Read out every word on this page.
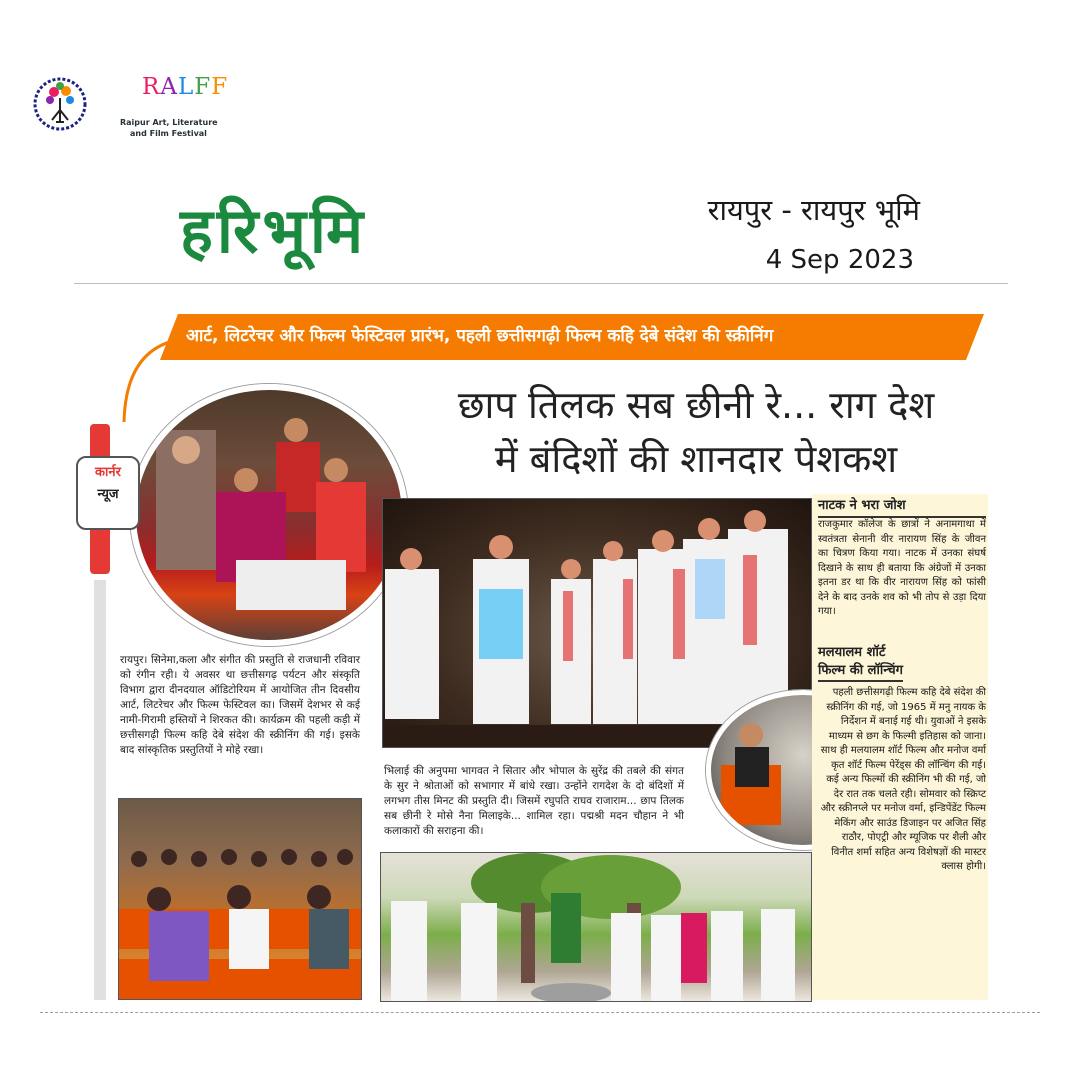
RALFF
Raipur Art, Literature
and Film Festival
हरिभूमि	रायपुर - रायपुर भूमि
4 Sep 2023
आर्ट, लिटरेचर और फिल्म फेस्टिवल प्रारंभ, पहली छत्तीसगढ़ी फिल्म कहि देबे संदेश की स्क्रीनिंग
छाप तिलक सब छीनी रे... राग देश
में बंदिशों की शानदार पेशकश
कार्नर
न्यूज
रायपुर। सिनेमा,कला और संगीत की प्रस्तुति से राजधानी रविवार को रंगीन रही। ये अवसर था छत्तीसगढ़ पर्यटन और संस्कृति विभाग द्वारा दीनदयाल ऑडिटोरियम में आयोजित तीन दिवसीय आर्ट, लिटरेचर और फिल्म फेस्टिवल का। जिसमें देशभर से कई नामी-गिरामी हस्तियों ने शिरकत की। कार्यक्रम की पहली कड़ी में छत्तीसगढ़ी फिल्म कहि देबे संदेश की स्क्रीनिंग की गई। इसके बाद सांस्कृतिक प्रस्तुतियों ने मोहे रखा।
भिलाई की अनुपमा भागवत ने सितार और भोपाल के सुरेंद्र की तबले की संगत के सुर ने श्रोताओं को सभागार में बांधे रखा। उन्होंने रागदेश के दो बंदिशों में लगभग तीस मिनट की प्रस्तुति दी। जिसमें रघुपति राघव राजाराम... छाप तिलक सब छीनी रे मोसे नैना मिलाइके... शामिल रहा। पद्मश्री मदन चौहान ने भी कलाकारों की सराहना की।
नाटक ने भरा जोश
राजकुमार कॉलेज के छात्रों ने अनामगाथा में स्वतंत्रता सेनानी वीर नारायण सिंह के जीवन का चित्रण किया गया। नाटक में उनका संघर्ष दिखाने के साथ ही बताया कि अंग्रेजों में उनका इतना डर था कि वीर नारायण सिंह को फांसी देने के बाद उनके शव को भी तोप से उड़ा दिया गया।
मलयालम शॉर्ट
फिल्म की लॉन्चिंग
पहली छत्तीसगढ़ी फिल्म कहि देबे संदेश की स्क्रीनिंग की गई, जो 1965 में मनु नायक के निर्देशन में बनाई गई थी। युवाओं ने इसके माध्यम से छग के फिल्मी इतिहास को जाना। साथ ही मलयालम शॉर्ट फिल्म और मनोज वर्मा कृत शॉर्ट फिल्म पेरेंड्स की लॉन्चिंग की गई। कई अन्य फिल्मों की स्क्रीनिंग भी की गई, जो देर रात तक चलते रही। सोमवार को स्क्रिप्ट और स्क्रीनप्ले पर मनोज वर्मा, इन्डिपेंडेंट फिल्म मेकिंग और साउंड डिजाइन पर अजित सिंह राठौर, पोएट्री और म्यूजिक पर शैली और विनीत शर्मा सहित अन्य विशेषज्ञों की मास्टर क्लास होगी।
